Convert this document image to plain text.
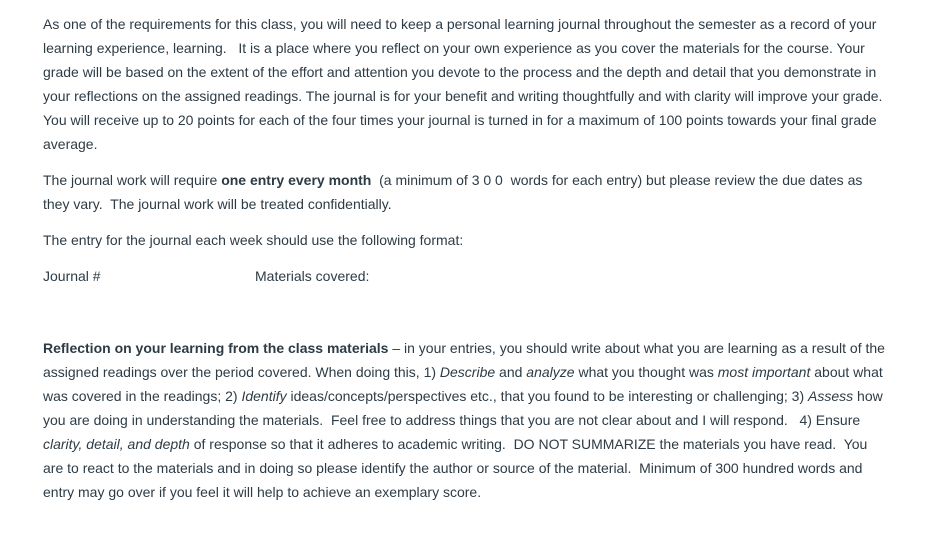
As one of the requirements for this class, you will need to keep a personal learning journal throughout the semester as a record of your learning experience, learning.   It is a place where you reflect on your own experience as you cover the materials for the course. Your grade will be based on the extent of the effort and attention you devote to the process and the depth and detail that you demonstrate in your reflections on the assigned readings. The journal is for your benefit and writing thoughtfully and with clarity will improve your grade. You will receive up to 20 points for each of the four times your journal is turned in for a maximum of 100 points towards your final grade average.

The journal work will require one entry every month  (a minimum of 3 0 0  words for each entry) but please review the due dates as they vary.  The journal work will be treated confidentially.

The entry for the journal each week should use the following format:

Journal #	Materials covered:

Reflection on your learning from the class materials – in your entries, you should write about what you are learning as a result of the assigned readings over the period covered. When doing this, 1) Describe and analyze what you thought was most important about what was covered in the readings; 2) Identify ideas/concepts/perspectives etc., that you found to be interesting or challenging; 3) Assess how you are doing in understanding the materials.  Feel free to address things that you are not clear about and I will respond.   4) Ensure clarity, detail, and depth of response so that it adheres to academic writing.  DO NOT SUMMARIZE the materials you have read.  You are to react to the materials and in doing so please identify the author or source of the material.  Minimum of 300 hundred words and entry may go over if you feel it will help to achieve an exemplary score.
